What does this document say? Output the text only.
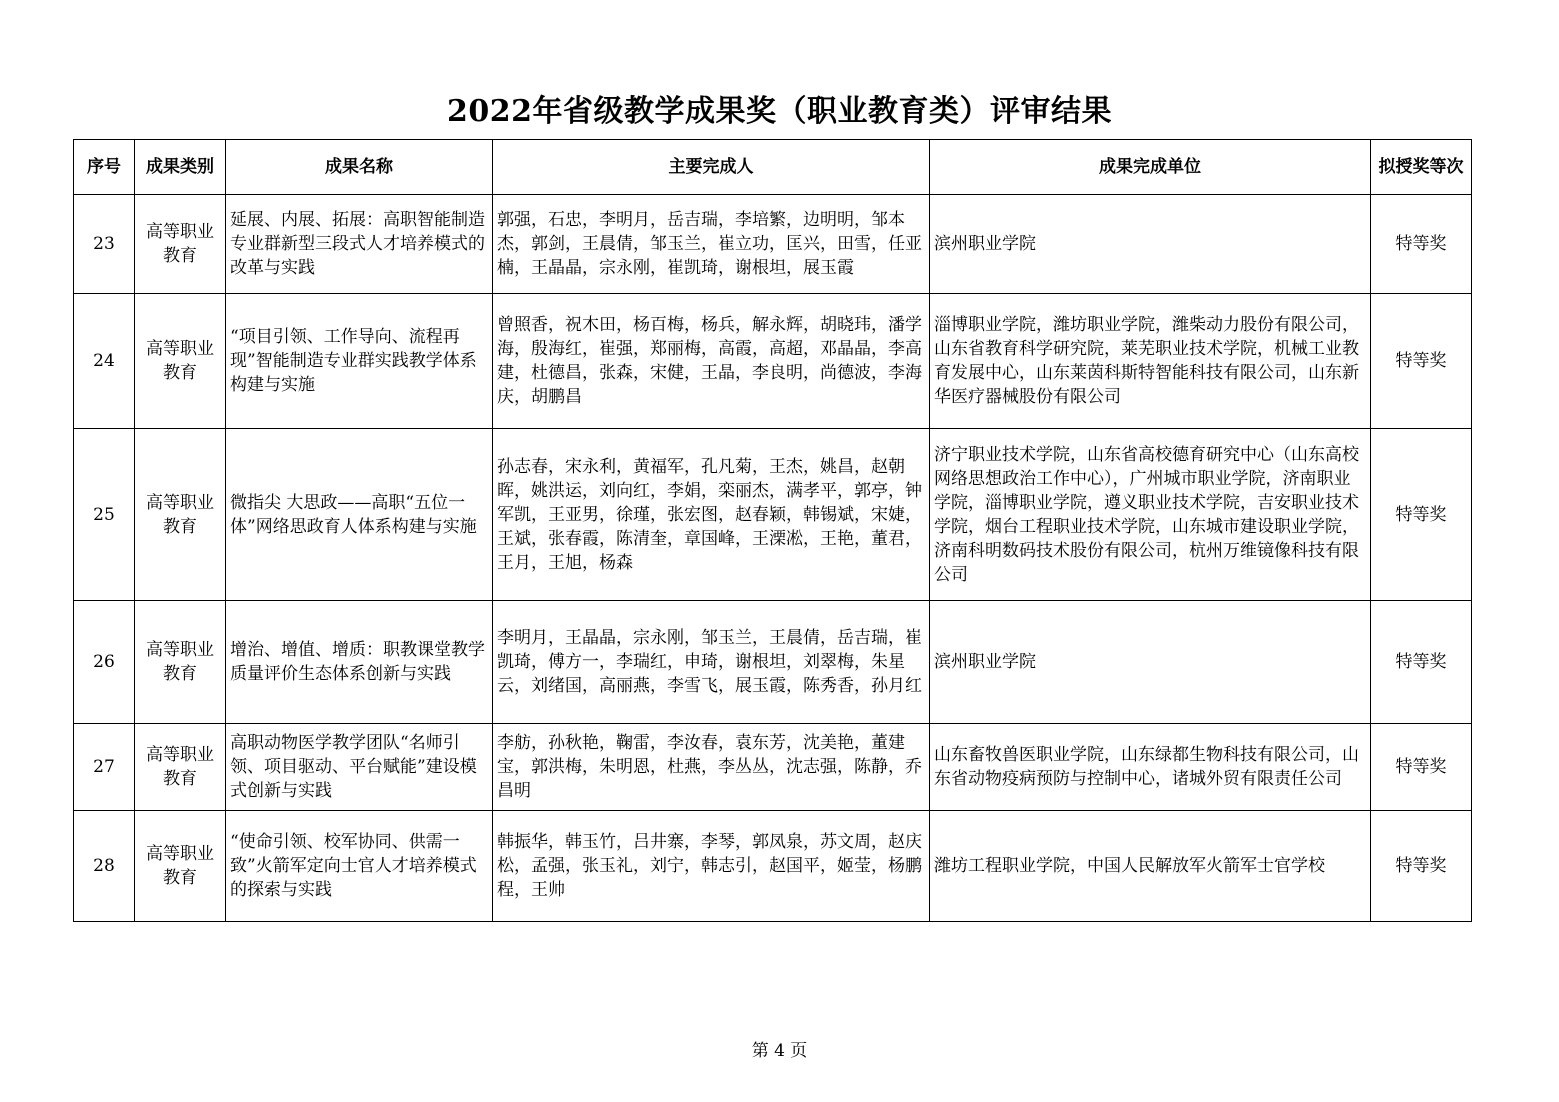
2022年省级教学成果奖（职业教育类）评审结果
序号	成果类别	成果名称	主要完成人	成果完成单位	拟授奖等次
23	高等职业教育	延展、内展、拓展：高职智能制造专业群新型三段式人才培养模式的改革与实践	郭强，石忠，李明月，岳吉瑞，李培繁，边明明，邹本杰，郭剑，王晨倩，邹玉兰，崔立功，匡兴，田雪，任亚楠，王晶晶，宗永刚，崔凯琦，谢根坦，展玉霞	滨州职业学院	特等奖
24	高等职业教育	“项目引领、工作导向、流程再现”智能制造专业群实践教学体系构建与实施	曾照香，祝木田，杨百梅，杨兵，解永辉，胡晓玮，潘学海，殷海红，崔强，郑丽梅，高霞，高超，邓晶晶，李高建，杜德昌，张森，宋健，王晶，李良明，尚德波，李海庆，胡鹏昌	淄博职业学院，潍坊职业学院，潍柴动力股份有限公司，山东省教育科学研究院，莱芜职业技术学院，机械工业教育发展中心，山东莱茵科斯特智能科技有限公司，山东新华医疗器械股份有限公司	特等奖
25	高等职业教育	微指尖 大思政——高职“五位一体”网络思政育人体系构建与实施	孙志春，宋永利，黄福军，孔凡菊，王杰，姚昌，赵朝晖，姚洪运，刘向红，李娟，栾丽杰，满孝平，郭亭，钟军凯，王亚男，徐瑾，张宏图，赵春颖，韩锡斌，宋婕，王斌，张春霞，陈清奎，章国峰，王溧凇，王艳，董君，王月，王旭，杨森	济宁职业技术学院，山东省高校德育研究中心（山东高校网络思想政治工作中心），广州城市职业学院，济南职业学院，淄博职业学院，遵义职业技术学院，吉安职业技术学院，烟台工程职业技术学院，山东城市建设职业学院，济南科明数码技术股份有限公司，杭州万维镜像科技有限公司	特等奖
26	高等职业教育	增治、增值、增质：职教课堂教学质量评价生态体系创新与实践	李明月，王晶晶，宗永刚，邹玉兰，王晨倩，岳吉瑞，崔凯琦，傅方一，李瑞红，申琦，谢根坦，刘翠梅，朱星云，刘绪国，高丽燕，李雪飞，展玉霞，陈秀香，孙月红	滨州职业学院	特等奖
27	高等职业教育	高职动物医学教学团队“名师引领、项目驱动、平台赋能”建设模式创新与实践	李舫，孙秋艳，鞠雷，李汝春，袁东芳，沈美艳，董建宝，郭洪梅，朱明恩，杜燕，李丛丛，沈志强，陈静，乔昌明	山东畜牧兽医职业学院，山东绿都生物科技有限公司，山东省动物疫病预防与控制中心，诸城外贸有限责任公司	特等奖
28	高等职业教育	“使命引领、校军协同、供需一致”火箭军定向士官人才培养模式的探索与实践	韩振华，韩玉竹，吕井寨，李琴，郭凤泉，苏文周，赵庆松，孟强，张玉礼，刘宁，韩志引，赵国平，姬莹，杨鹏程，王帅	潍坊工程职业学院，中国人民解放军火箭军士官学校	特等奖
第 4 页
